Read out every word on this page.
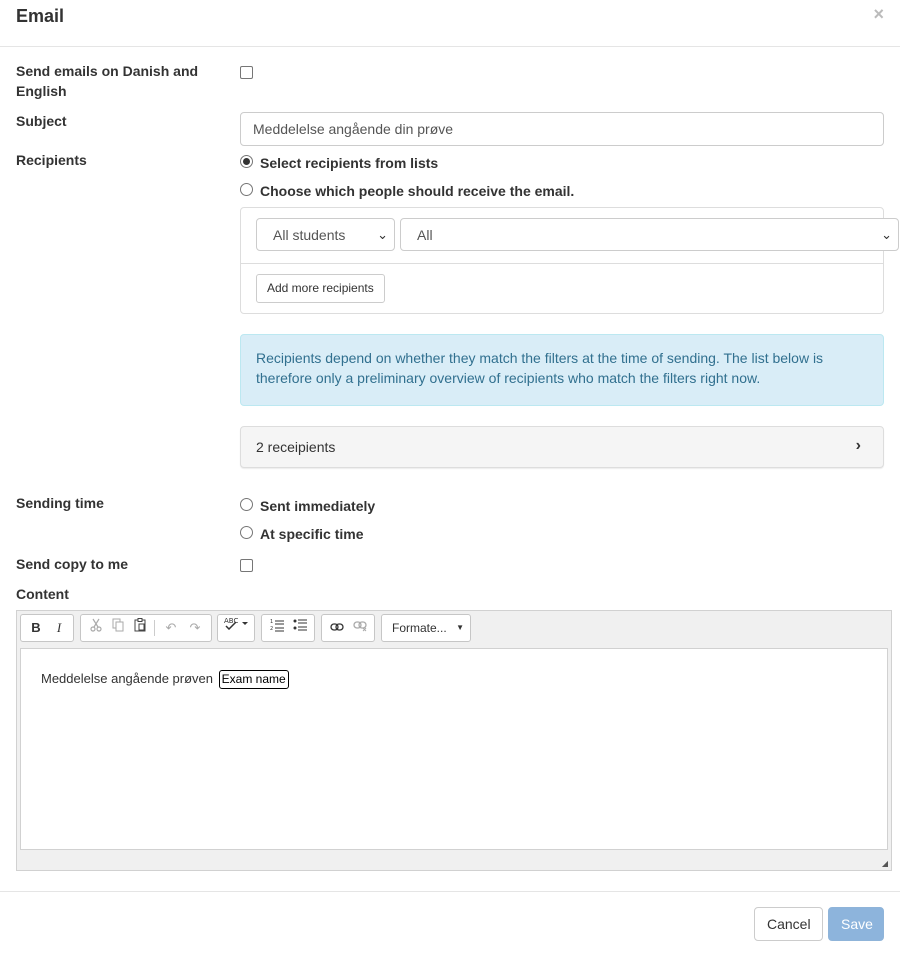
Email	×
Send emails on Danish and English
Subject	Meddelelse angående din prøve
Recipients	Select recipients from lists
Choose which people should receive the email.
All students ⌄	All	⌄
Add more recipients
Recipients depend on whether they match the filters at the time of sending. The list below is therefore only a preliminary overview of recipients who match the filters right now.
2 receipients	›
Sending time	Sent immediately
At specific time
Send copy to me
Content
B	I	↶	↷	ABC	1
2	Formate... ▼
Meddelelse angående prøven Exam name
◢
Cancel	Save
